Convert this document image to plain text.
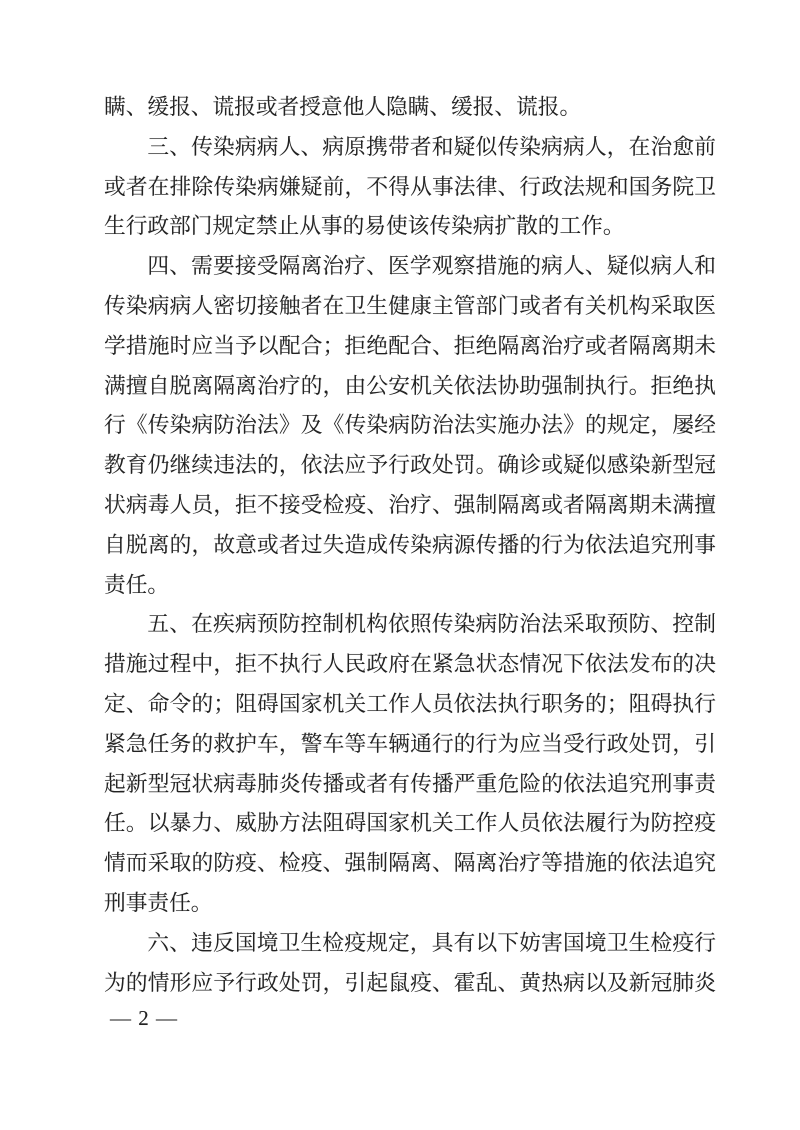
瞒、缓报、谎报或者授意他人隐瞒、缓报、谎报。
三、传染病病人、病原携带者和疑似传染病病人，在治愈前
或者在排除传染病嫌疑前，不得从事法律、行政法规和国务院卫
生行政部门规定禁止从事的易使该传染病扩散的工作。
四、需要接受隔离治疗、医学观察措施的病人、疑似病人和
传染病病人密切接触者在卫生健康主管部门或者有关机构采取医
学措施时应当予以配合；拒绝配合、拒绝隔离治疗或者隔离期未
满擅自脱离隔离治疗的，由公安机关依法协助强制执行。拒绝执
行《传染病防治法》及《传染病防治法实施办法》的规定，屡经
教育仍继续违法的，依法应予行政处罚。确诊或疑似感染新型冠
状病毒人员，拒不接受检疫、治疗、强制隔离或者隔离期未满擅
自脱离的，故意或者过失造成传染病源传播的行为依法追究刑事
责任。
五、在疾病预防控制机构依照传染病防治法采取预防、控制
措施过程中，拒不执行人民政府在紧急状态情况下依法发布的决
定、命令的；阻碍国家机关工作人员依法执行职务的；阻碍执行
紧急任务的救护车，警车等车辆通行的行为应当受行政处罚，引
起新型冠状病毒肺炎传播或者有传播严重危险的依法追究刑事责
任。以暴力、威胁方法阻碍国家机关工作人员依法履行为防控疫
情而采取的防疫、检疫、强制隔离、隔离治疗等措施的依法追究
刑事责任。
六、违反国境卫生检疫规定，具有以下妨害国境卫生检疫行
为的情形应予行政处罚，引起鼠疫、霍乱、黄热病以及新冠肺炎
— 2 —
